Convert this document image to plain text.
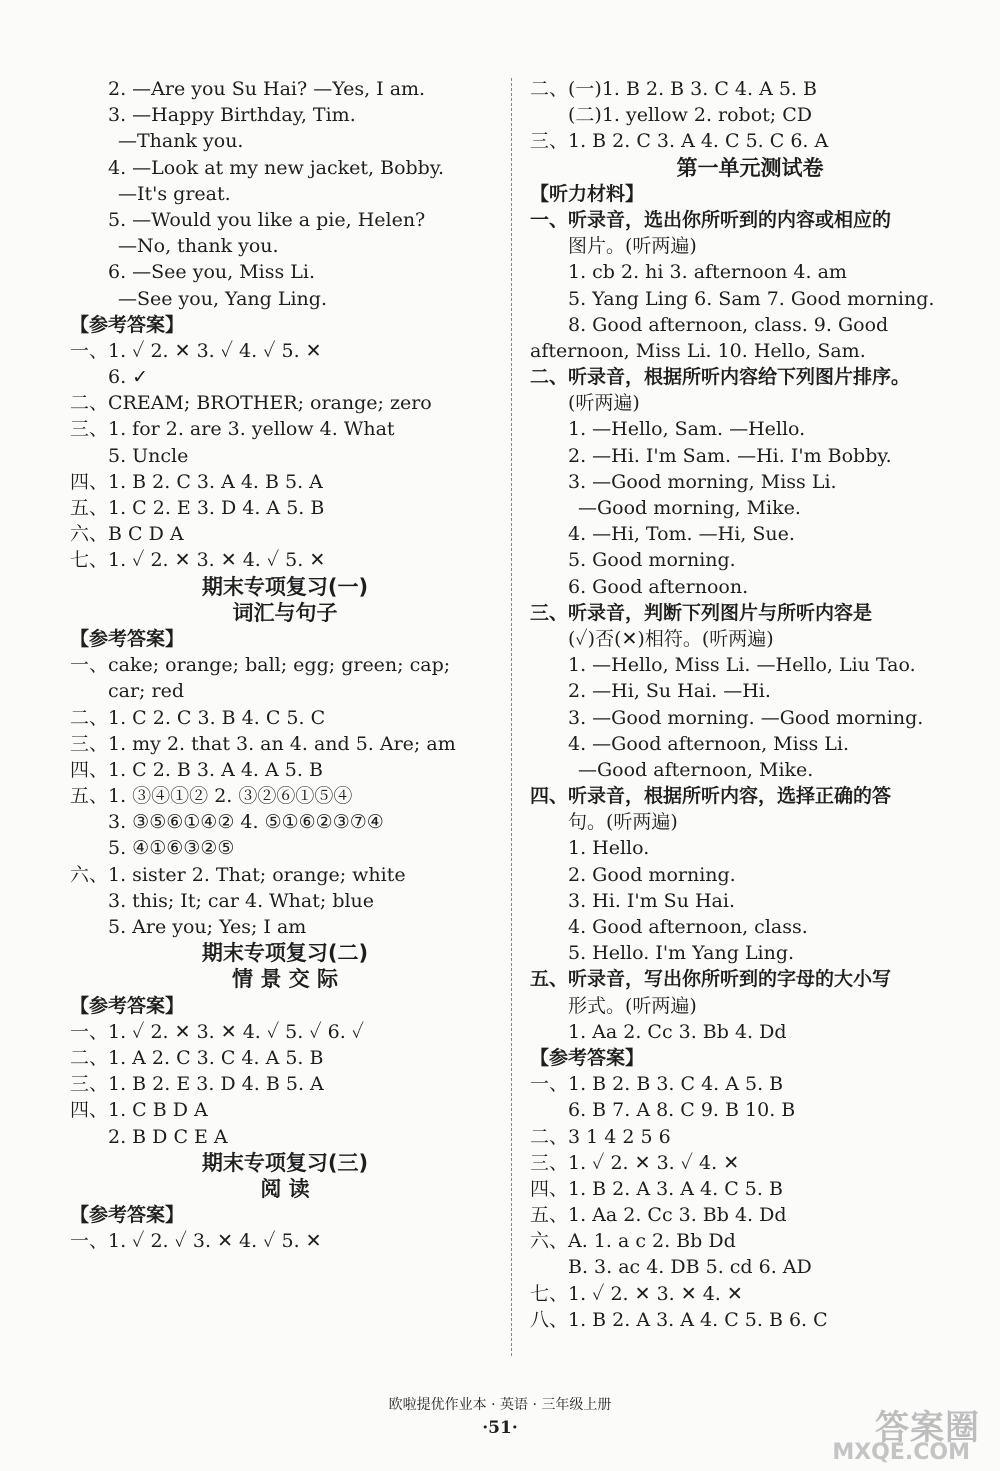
2. —Are you Su Hai? —Yes, I am.
3. —Happy Birthday, Tim.
—Thank you.
4. —Look at my new jacket, Bobby.
—It's great.
5. —Would you like a pie, Helen?
—No, thank you.
6. —See you, Miss Li.
—See you, Yang Ling.
【参考答案】
一、1. ✓ 2. ✕ 3. ✓ 4. ✓ 5. ✕
6. ✓
二、CREAM; BROTHER; orange; zero
三、1. for 2. are 3. yellow 4. What
5. Uncle
四、1. B 2. C 3. A 4. B 5. A
五、1. C 2. E 3. D 4. A 5. B
六、B C D A
七、1. ✓ 2. ✕ 3. ✕ 4. ✓ 5. ✕
期末专项复习(一)
词汇与句子
【参考答案】
一、cake; orange; ball; egg; green; cap;
car; red
二、1. C 2. C 3. B 4. C 5. C
三、1. my 2. that 3. an 4. and 5. Are; am
四、1. C 2. B 3. A 4. A 5. B
五、1. ③④①② 2. ③②⑥①⑤④
3. ③⑤⑥①④② 4. ⑤①⑥②③⑦④
5. ④①⑥③②⑤
六、1. sister 2. That; orange; white
3. this; It; car 4. What; blue
5. Are you; Yes; I am
期末专项复习(二)
情 景 交 际
【参考答案】
一、1. ✓ 2. ✕ 3. ✕ 4. ✓ 5. ✓ 6. ✓
二、1. A 2. C 3. C 4. A 5. B
三、1. B 2. E 3. D 4. B 5. A
四、1. C B D A
2. B D C E A
期末专项复习(三)
阅 读
【参考答案】
一、1. ✓ 2. ✓ 3. ✕ 4. ✓ 5. ✕
二、(一)1. B 2. B 3. C 4. A 5. B
(二)1. yellow 2. robot; CD
三、1. B 2. C 3. A 4. C 5. C 6. A
第一单元测试卷
【听力材料】
一、听录音，选出你所听到的内容或相应的
图片。(听两遍)
1. cb 2. hi 3. afternoon 4. am
5. Yang Ling 6. Sam 7. Good morning.
8. Good afternoon, class. 9. Good
afternoon, Miss Li. 10. Hello, Sam.
二、听录音，根据所听内容给下列图片排序。
(听两遍)
1. —Hello, Sam. —Hello.
2. —Hi. I'm Sam. —Hi. I'm Bobby.
3. —Good morning, Miss Li.
—Good morning, Mike.
4. —Hi, Tom. —Hi, Sue.
5. Good morning.
6. Good afternoon.
三、听录音，判断下列图片与所听内容是
(✓)否(✕)相符。(听两遍)
1. —Hello, Miss Li. —Hello, Liu Tao.
2. —Hi, Su Hai. —Hi.
3. —Good morning. —Good morning.
4. —Good afternoon, Miss Li.
—Good afternoon, Mike.
四、听录音，根据所听内容，选择正确的答
句。(听两遍)
1. Hello.
2. Good morning.
3. Hi. I'm Su Hai.
4. Good afternoon, class.
5. Hello. I'm Yang Ling.
五、听录音，写出你所听到的字母的大小写
形式。(听两遍)
1. Aa 2. Cc 3. Bb 4. Dd
【参考答案】
一、1. B 2. B 3. C 4. A 5. B
6. B 7. A 8. C 9. B 10. B
二、3 1 4 2 5 6
三、1. ✓ 2. ✕ 3. ✓ 4. ✕
四、1. B 2. A 3. A 4. C 5. B
五、1. Aa 2. Cc 3. Bb 4. Dd
六、A. 1. a c 2. Bb Dd
B. 3. ac 4. DB 5. cd 6. AD
七、1. ✓ 2. ✕ 3. ✕ 4. ✕
八、1. B 2. A 3. A 4. C 5. B 6. C
欧啦提优作业本 · 英语 · 三年级上册
·51·	答案圈
MXQE.COM
